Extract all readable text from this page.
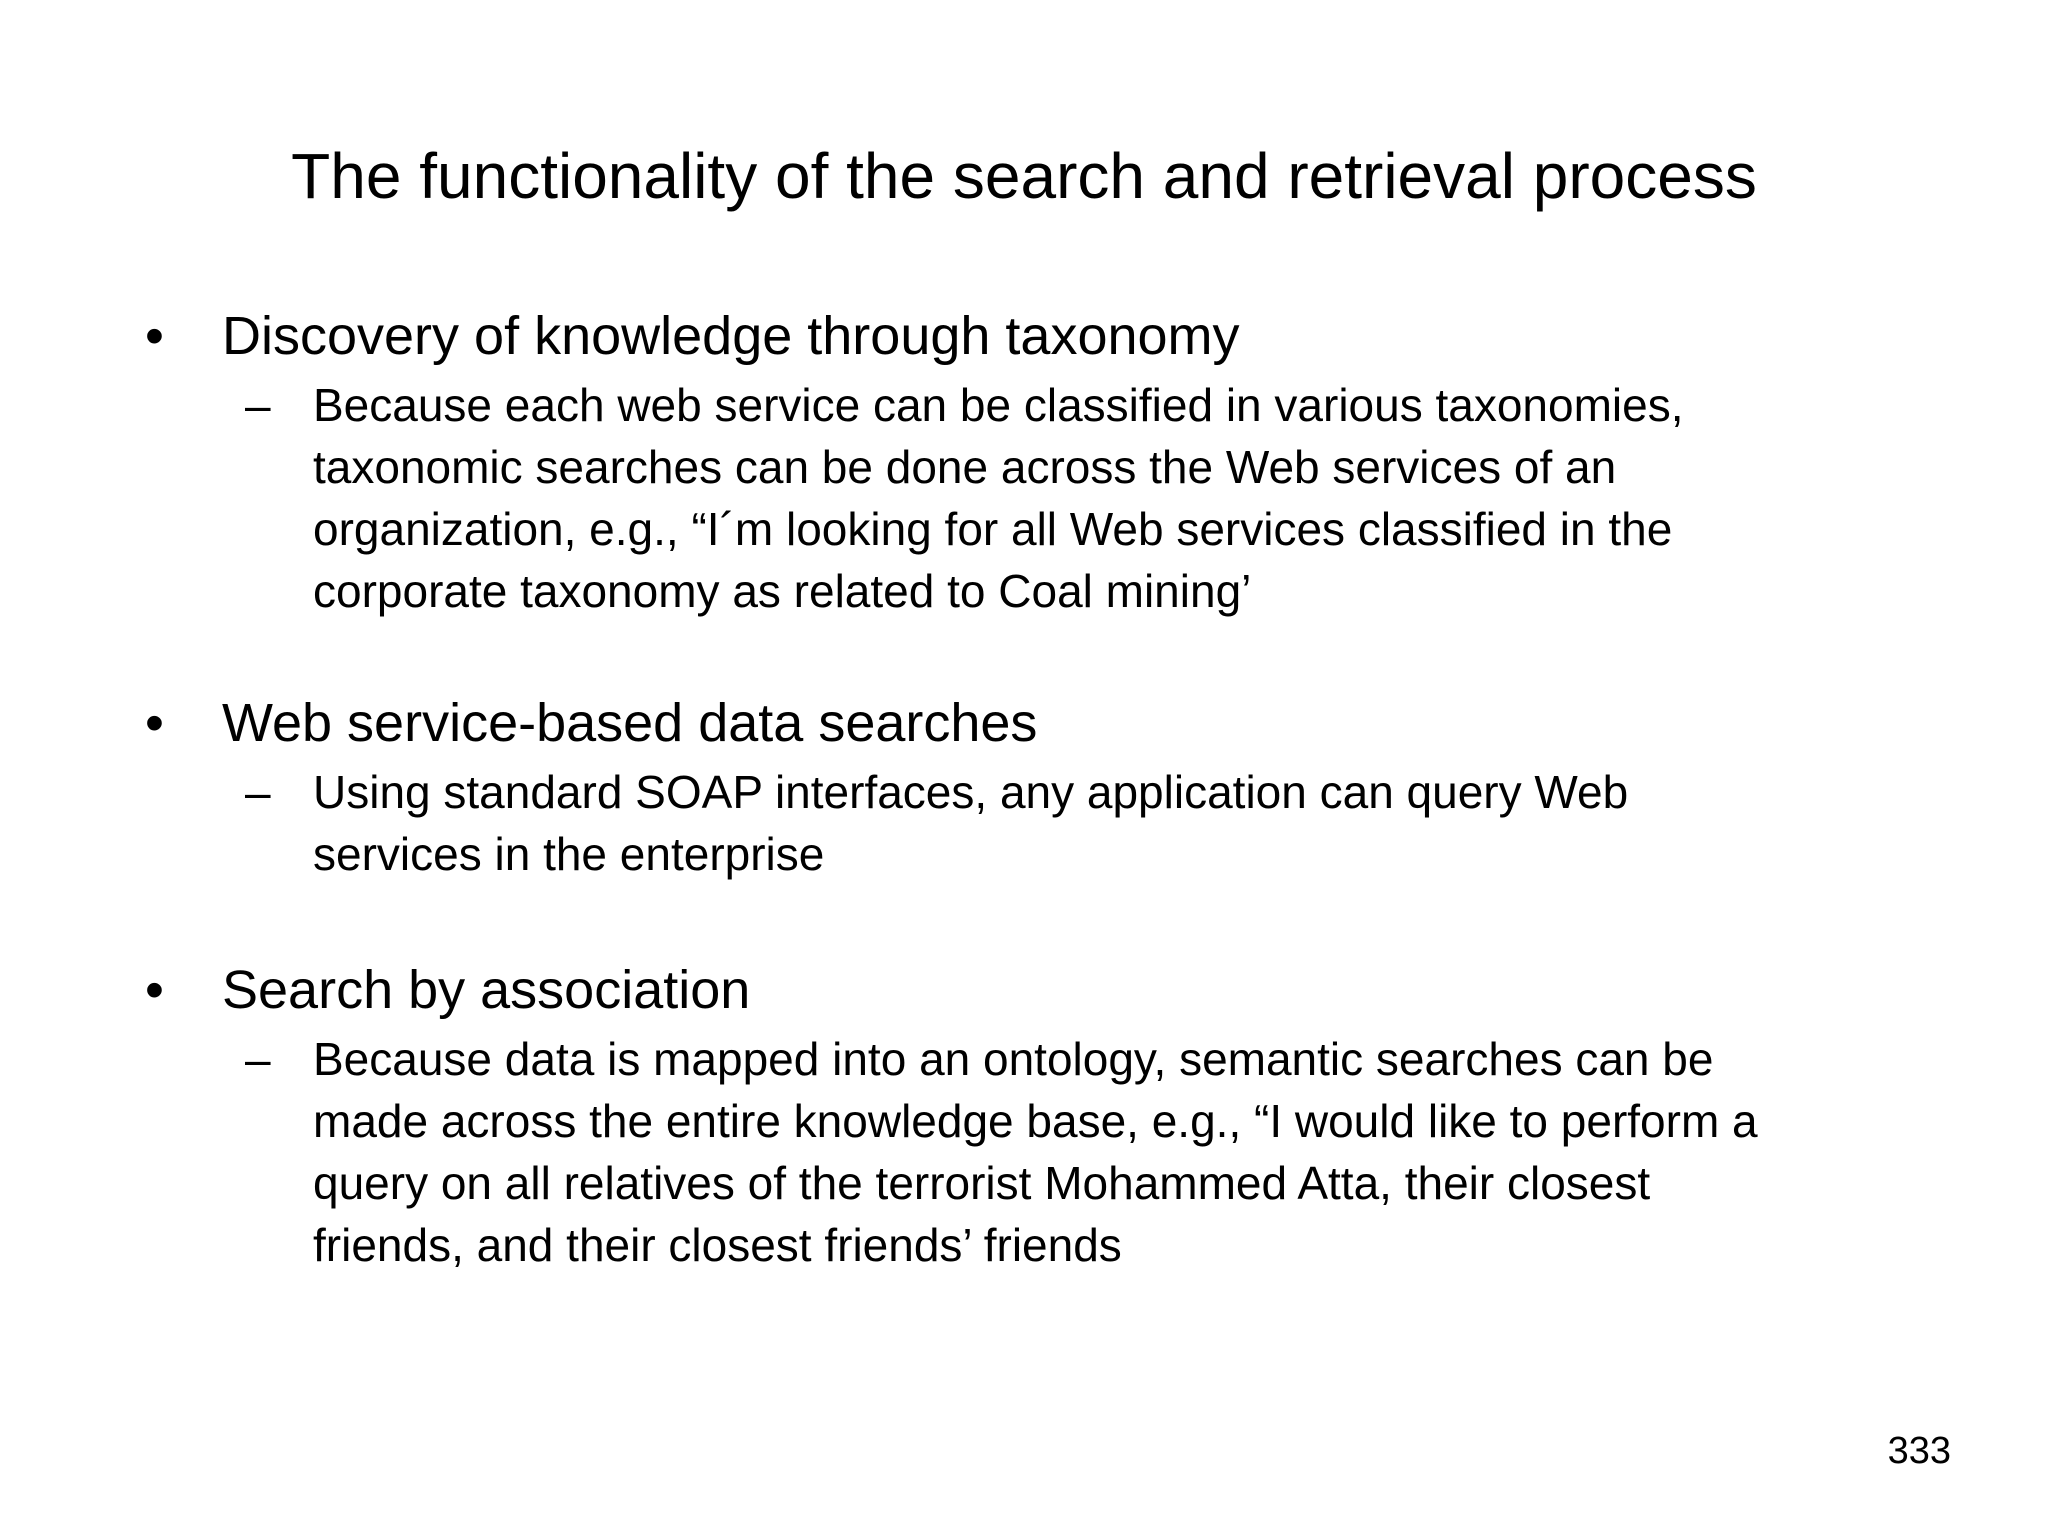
The functionality of the search and retrieval process
• Discovery of knowledge through taxonomy
– Because each web service can be classified in various taxonomies,
taxonomic searches can be done across the Web services of an
organization, e.g., “I´m looking for all Web services classified in the
corporate taxonomy as related to Coal mining’
• Web service-based data searches
– Using standard SOAP interfaces, any application can query Web
services in the enterprise
• Search by association
– Because data is mapped into an ontology, semantic searches can be
made across the entire knowledge base, e.g., “I would like to perform a
query on all relatives of the terrorist Mohammed Atta, their closest
friends, and their closest friends’ friends
333
